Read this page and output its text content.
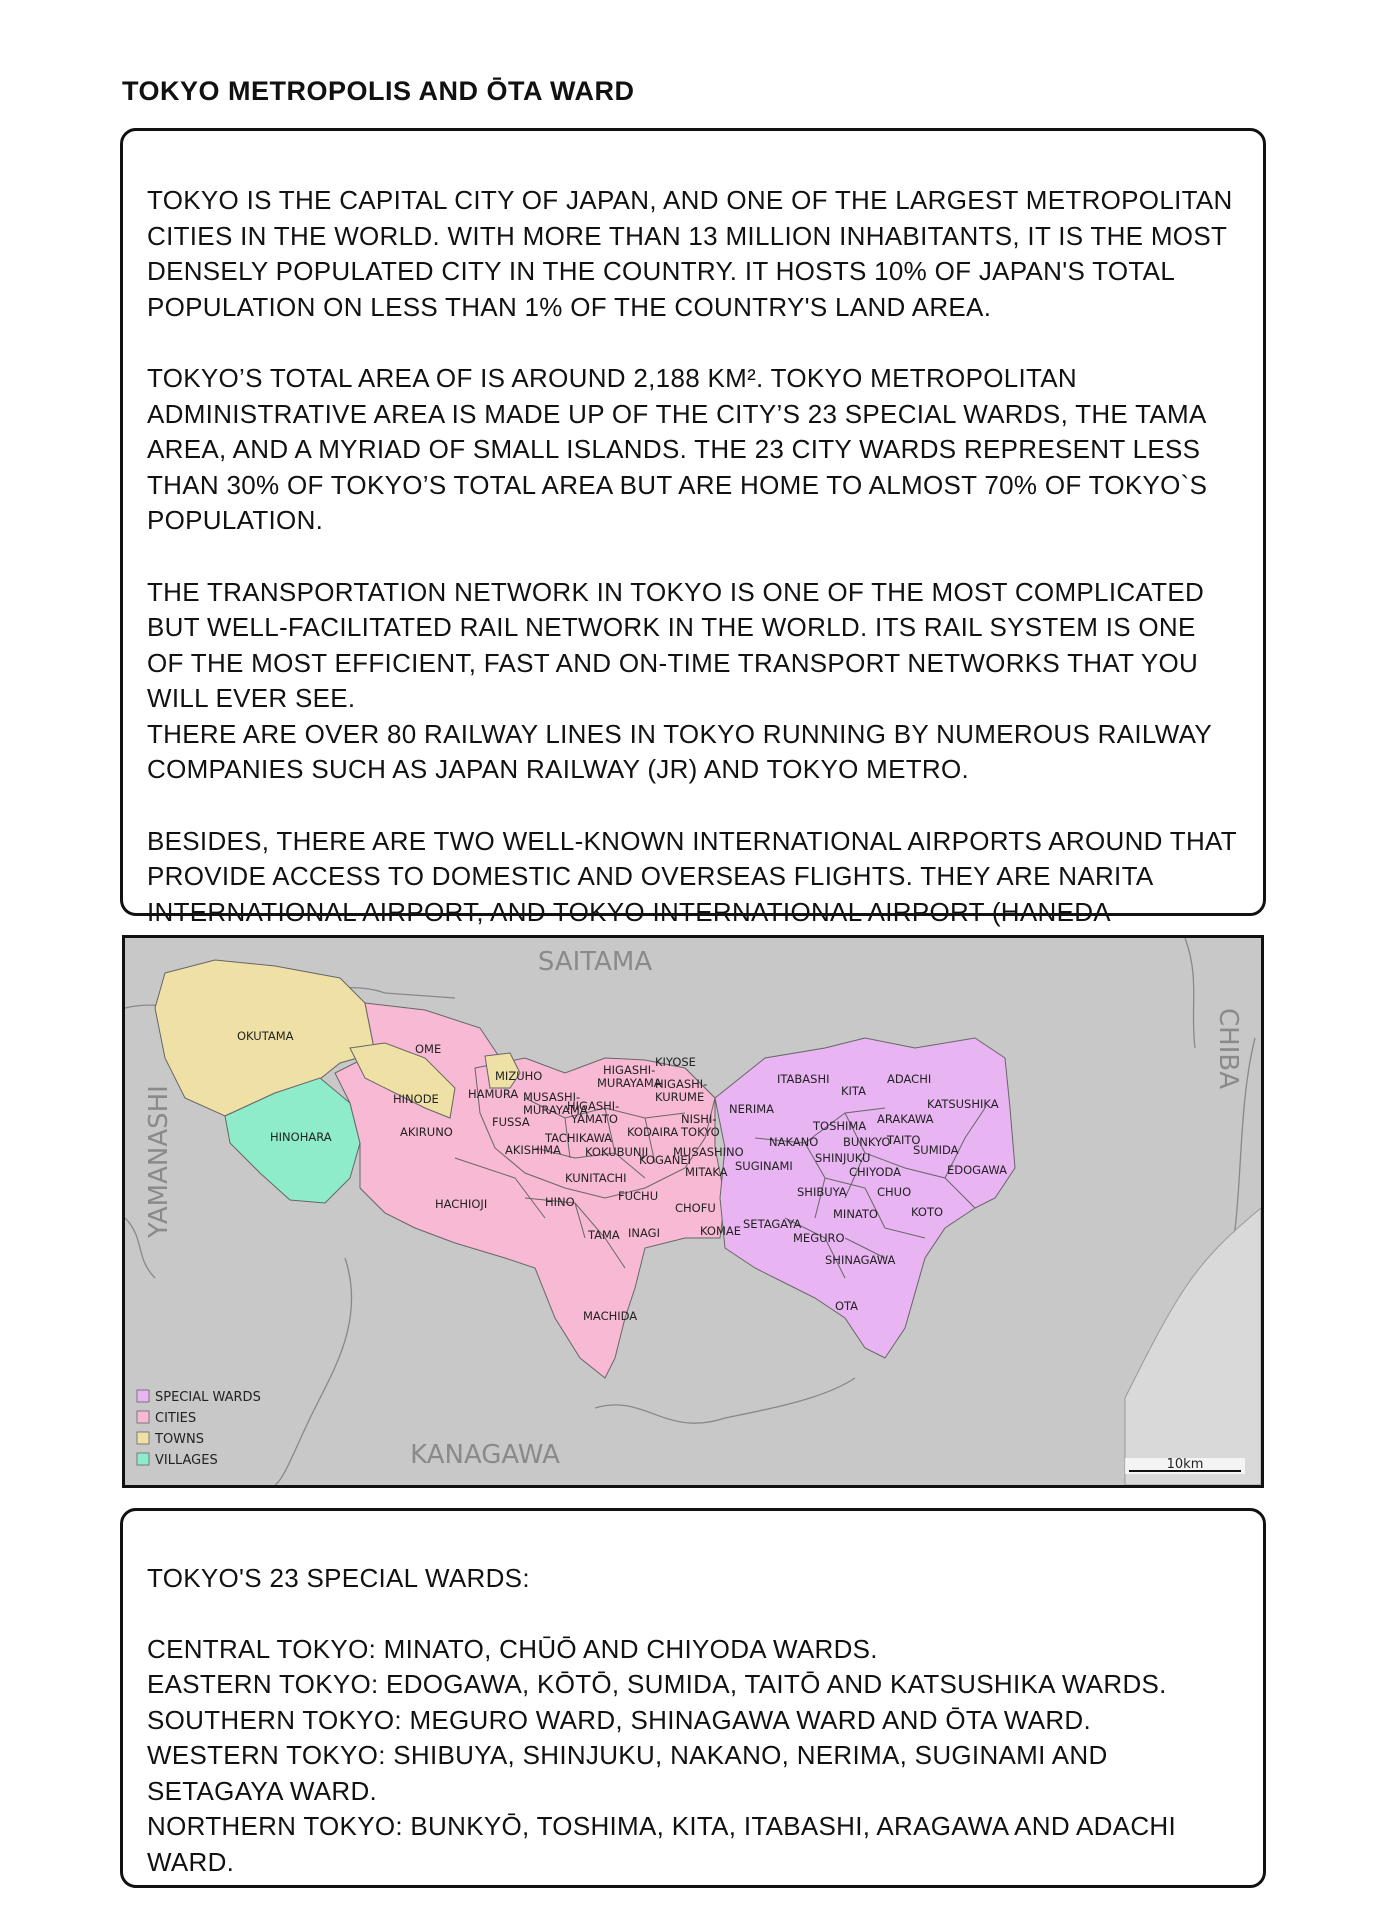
TOKYO METROPOLIS AND ŌTA WARD

TOKYO IS THE CAPITAL CITY OF JAPAN, AND ONE OF THE LARGEST METROPOLITAN CITIES IN THE WORLD. WITH MORE THAN 13 MILLION INHABITANTS, IT IS THE MOST DENSELY POPULATED CITY IN THE COUNTRY. IT HOSTS 10% OF JAPAN'S TOTAL POPULATION ON LESS THAN 1% OF THE COUNTRY'S LAND AREA.

TOKYO’S TOTAL AREA OF IS AROUND 2,188 KM². TOKYO METROPOLITAN ADMINISTRATIVE AREA IS MADE UP OF THE CITY’S 23 SPECIAL WARDS, THE TAMA AREA, AND A MYRIAD OF SMALL ISLANDS. THE 23 CITY WARDS REPRESENT LESS THAN 30% OF TOKYO’S TOTAL AREA BUT ARE HOME TO ALMOST 70% OF TOKYO`S POPULATION.

THE TRANSPORTATION NETWORK IN TOKYO IS ONE OF THE MOST COMPLICATED BUT WELL-FACILITATED RAIL NETWORK IN THE WORLD. ITS RAIL SYSTEM IS ONE OF THE MOST EFFICIENT, FAST AND ON-TIME TRANSPORT NETWORKS THAT YOU WILL EVER SEE.

THERE ARE OVER 80 RAILWAY LINES IN TOKYO RUNNING BY NUMEROUS RAILWAY COMPANIES SUCH AS JAPAN RAILWAY (JR) AND TOKYO METRO.

BESIDES, THERE ARE TWO WELL-KNOWN INTERNATIONAL AIRPORTS AROUND THAT PROVIDE ACCESS TO DOMESTIC AND OVERSEAS FLIGHTS. THEY ARE NARITA INTERNATIONAL AIRPORT, AND TOKYO INTERNATIONAL AIRPORT (HANEDA

SAITAMA
CHIBA
YAMANASHI
KANAGAWA
OKUTAMA
HINOHARA
OME
HINODE
MIZUHO
AKIRUNO
HACHIOJI
HAMURA
FUSSA
MUSASHI-
MURAYAMA
HIGASHI-
YAMATO
HIGASHI-
MURAYAMA
KIYOSE
HIGASHI-
KURUME
NISHI-
TOKYO
AKISHIMA
TACHIKAWA KODAIRA
KOKUBUNJI
KOGANEI
MUSASHINO
KUNITACHI	MITAKA
HINO	FUCHU
CHOFU
TAMA INAGI	KOMAE
MACHIDA
NERIMA
ITABASHI
KITA
ADACHI
KATSUSHIKA
ARAKAWA
TOSHIMA
NAKANO BUNKYO
TAITO
SUMIDA
SHINJUKU
SUGINAMI	CHIYODA	EDOGAWA
SHIBUYA	CHUO
MINATO	KOTO
SETAGAYA
MEGURO
SHINAGAWA
OTA
SPECIAL WARDS
CITIES
TOWNS
VILLAGES	10km
TOKYO'S 23 SPECIAL WARDS:
CENTRAL TOKYO: MINATO, CHŪŌ AND CHIYODA WARDS.
EASTERN TOKYO: EDOGAWA, KŌTŌ, SUMIDA, TAITŌ AND KATSUSHIKA WARDS.
SOUTHERN TOKYO: MEGURO WARD, SHINAGAWA WARD AND ŌTA WARD.
WESTERN TOKYO: SHIBUYA, SHINJUKU, NAKANO, NERIMA, SUGINAMI AND SETAGAYA WARD.
NORTHERN TOKYO: BUNKYŌ, TOSHIMA, KITA, ITABASHI, ARAGAWA AND ADACHI WARD.
